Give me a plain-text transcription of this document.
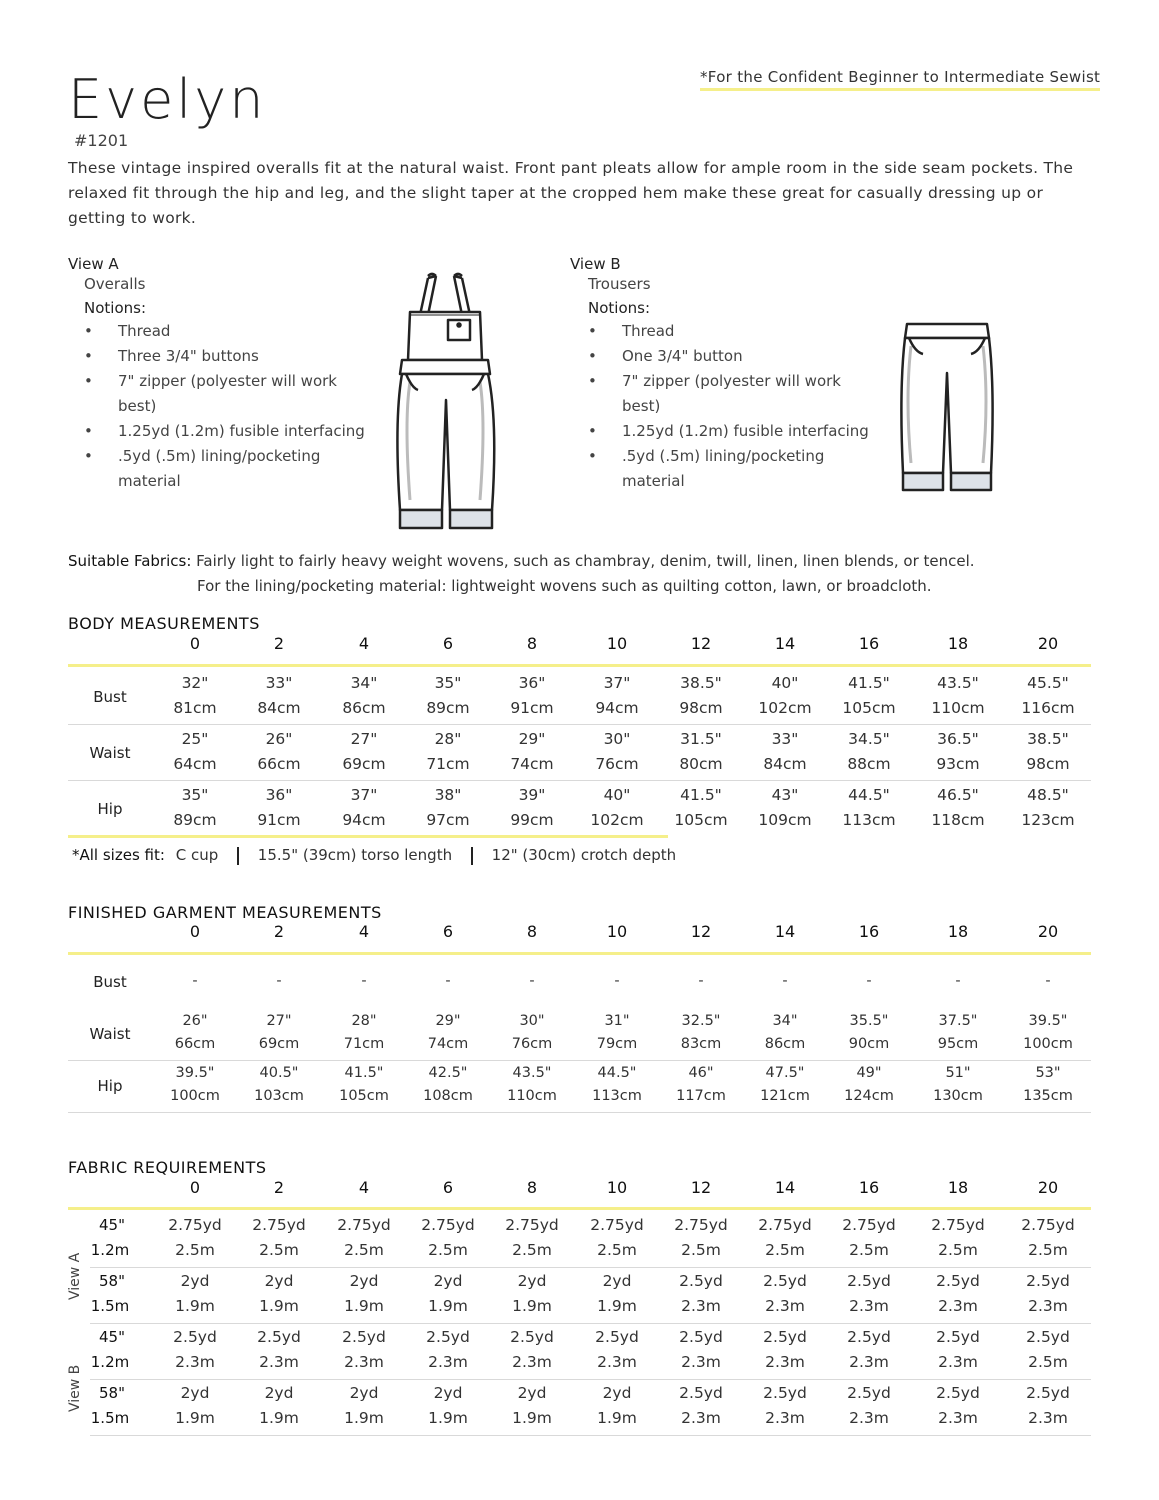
Evelyn
#1201
*For the Confident Beginner to Intermediate Sewist
These vintage inspired overalls fit at the natural waist. Front pant pleats allow for ample room in the side seam pockets. The relaxed fit through the hip and leg, and the slight taper at the cropped hem make these great for casually dressing up or getting to work.
View A
Overalls
Notions:
• Thread
• Three 3/4" buttons
• 7" zipper (polyester will work best)
• 1.25yd (1.2m) fusible interfacing
• .5yd (.5m) lining/pocketing material
View B
Trousers
Notions:
• Thread
• One 3/4" button
• 7" zipper (polyester will work best)
• 1.25yd (1.2m) fusible interfacing
• .5yd (.5m) lining/pocketing material
Suitable Fabrics: Fairly light to fairly heavy weight wovens, such as chambray, denim, twill, linen, linen blends, or tencel.
For the lining/pocketing material: lightweight wovens such as quilting cotton, lawn, or broadcloth.
BODY MEASUREMENTS
*All sizes fit: C cup	15.5" (39cm) torso length	12" (30cm) crotch depth
FINISHED GARMENT MEASUREMENTS
FABRIC REQUIREMENTS
0	2	4	6	8	10	12	14	16	18	20
Bust
32"	33"	34"	35"	36"	37"	38.5"	40"	41.5"	43.5"	45.5"
81cm	84cm	86cm	89cm	91cm	94cm	98cm	102cm	105cm	110cm	116cm
Waist
25"	26"	27"	28"	29"	30"	31.5"	33"	34.5"	36.5"	38.5"
64cm	66cm	69cm	71cm	74cm	76cm	80cm	84cm	88cm	93cm	98cm
Hip
35"	36"	37"	38"	39"	40"	41.5"	43"	44.5"	46.5"	48.5"
89cm	91cm	94cm	97cm	99cm	102cm	105cm	109cm	113cm	118cm	123cm
0	2	4	6	8	10	12	14	16	18	20
Bust	-	-	-	-	-	-	-	-	-	-	-
Waist
26"	27"	28"	29"	30"	31"	32.5"	34"	35.5"	37.5"	39.5"
66cm	69cm	71cm	74cm	76cm	79cm	83cm	86cm	90cm	95cm	100cm
Hip
39.5"	40.5"	41.5"	42.5"	43.5"	44.5"	46"	47.5"	49"	51"	53"
100cm	103cm	105cm	108cm	110cm	113cm	117cm	121cm	124cm	130cm	135cm
0	2	4	6	8	10	12	14	16	18	20
View A
45"
1.2m
2.75yd	2.75yd	2.75yd	2.75yd	2.75yd	2.75yd	2.75yd	2.75yd	2.75yd	2.75yd	2.75yd
2.5m	2.5m	2.5m	2.5m	2.5m	2.5m	2.5m	2.5m	2.5m	2.5m	2.5m
58"
1.5m
2yd	2yd	2yd	2yd	2yd	2yd	2.5yd	2.5yd	2.5yd	2.5yd	2.5yd
1.9m	1.9m	1.9m	1.9m	1.9m	1.9m	2.3m	2.3m	2.3m	2.3m	2.3m
View B
45"
1.2m
2.5yd	2.5yd	2.5yd	2.5yd	2.5yd	2.5yd	2.5yd	2.5yd	2.5yd	2.5yd	2.5yd
2.3m	2.3m	2.3m	2.3m	2.3m	2.3m	2.3m	2.3m	2.3m	2.3m	2.5m
58"
1.5m
2yd	2yd	2yd	2yd	2yd	2yd	2.5yd	2.5yd	2.5yd	2.5yd	2.5yd
1.9m	1.9m	1.9m	1.9m	1.9m	1.9m	2.3m	2.3m	2.3m	2.3m	2.3m
